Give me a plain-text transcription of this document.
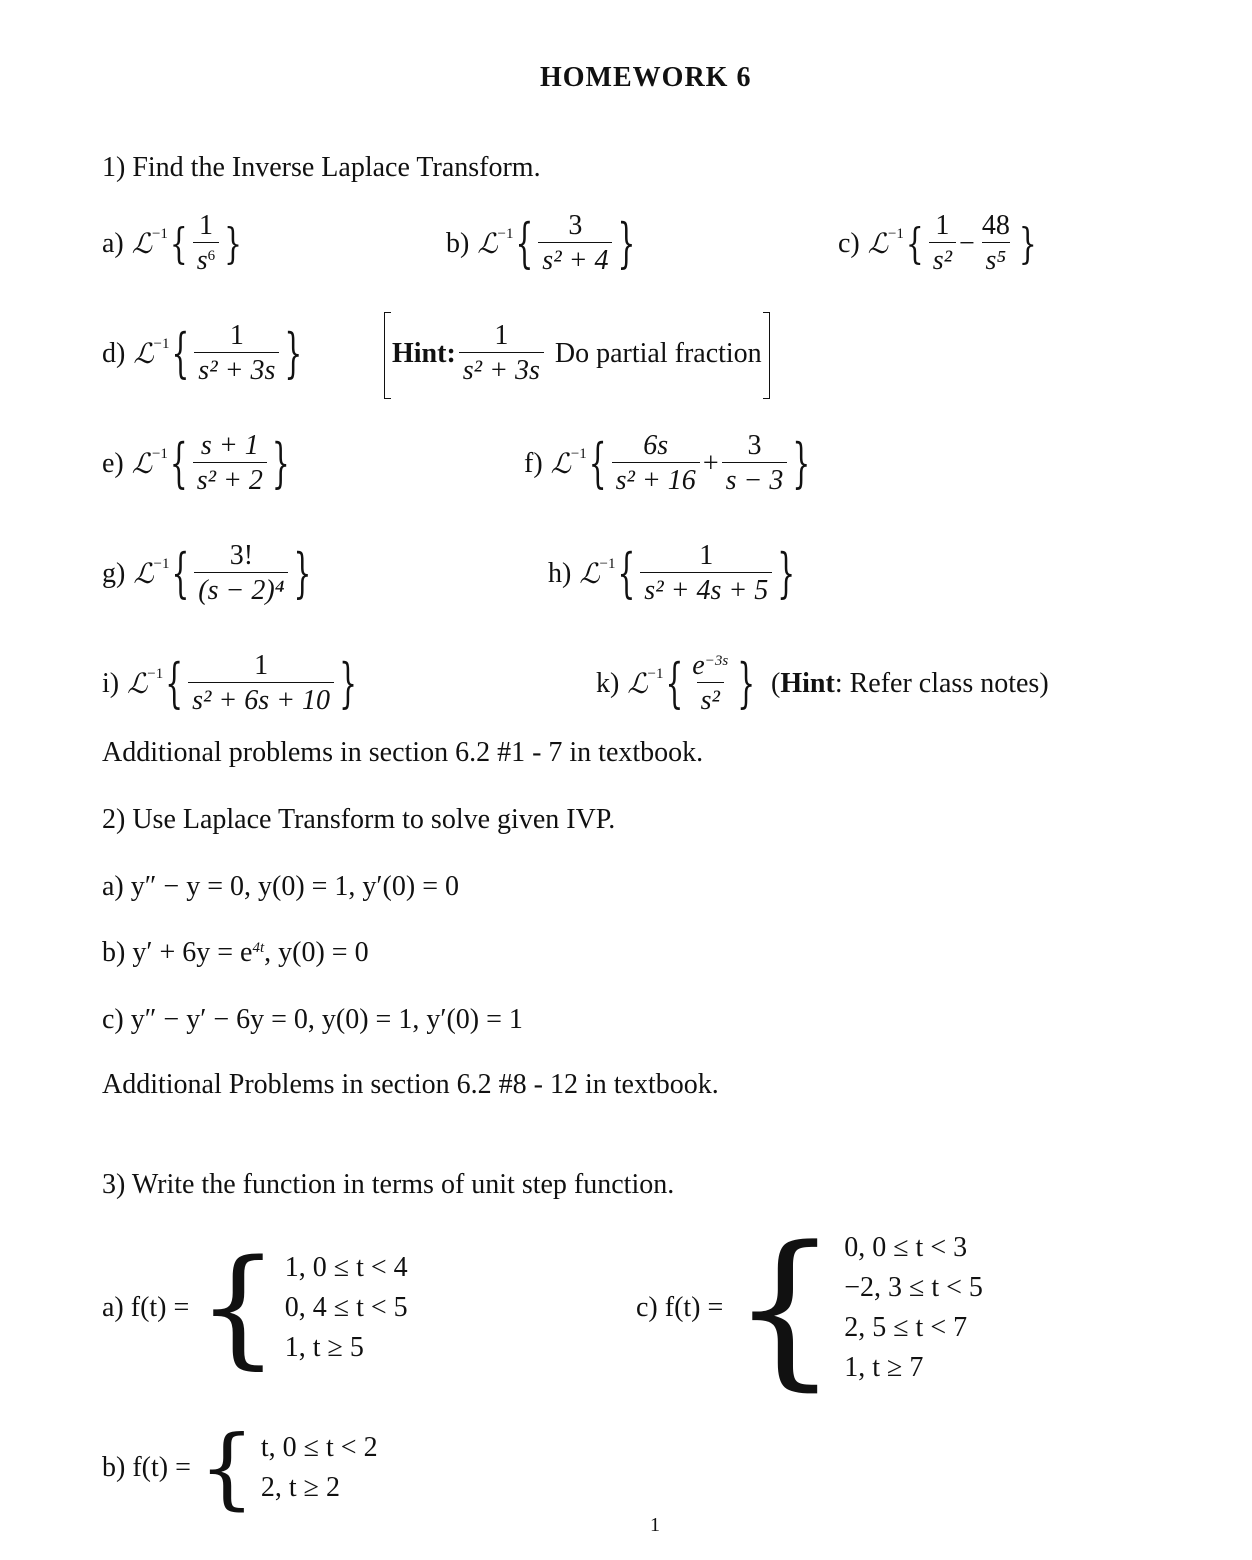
HOMEWORK 6
1) Find the Inverse Laplace Transform.
a) ℒ −1 { $\frac{1}{s^6}$ }	b) ℒ −1 { $\frac{3}{\text{s² + 4}}$ }	c) ℒ −1 { $\frac{1}{\text{s²}} - \frac{48}{\text{s⁵}}$ }
d) ℒ −1 { $\frac{1}{\text{s² + 3s}}$ }	Hint: $\frac{1}{\text{s² + 3s}}$ Do partial fraction
e) ℒ −1 { $\frac{s + 1}{\text{s² + 2}}$ }	f) ℒ −1 { $\frac{6s}{\text{s² + 16}} + \frac{3}{s - 3}$ }
g) ℒ −1 { $\frac{3!}{\text{(s − 2)⁴}}$ }	h) ℒ −1 { $\frac{1}{\text{s² + 4s + 5}}$ }
i) ℒ −1 { $\frac{1}{\text{s² + 6s + 10}}$ }	k) ℒ −1 { $\frac{e^{-3s}}{\text{s²}}$ } (Hint: Refer class notes)
Additional problems in section 6.2 #1 - 7 in textbook.
2) Use Laplace Transform to solve given IVP.
a) y″ − y = 0, y(0) = 1, y′(0) = 0
b) $y' + 6y = e^{4t}$, y(0) = 0
c) y″ − y′ − 6y = 0, y(0) = 1, y′(0) = 1
Additional Problems in section 6.2 #8 - 12 in textbook.
3) Write the function in terms of unit step function.
a) f(t) = { 1, 0 ≤ t < 4
0, 4 ≤ t < 5
1, t ≥ 5
c) f(t) = { 0, 0 ≤ t < 3
−2, 3 ≤ t < 5
2, 5 ≤ t < 7
1, t ≥ 7
b) f(t) = { t, 0 ≤ t < 2
2, t ≥ 2
1
